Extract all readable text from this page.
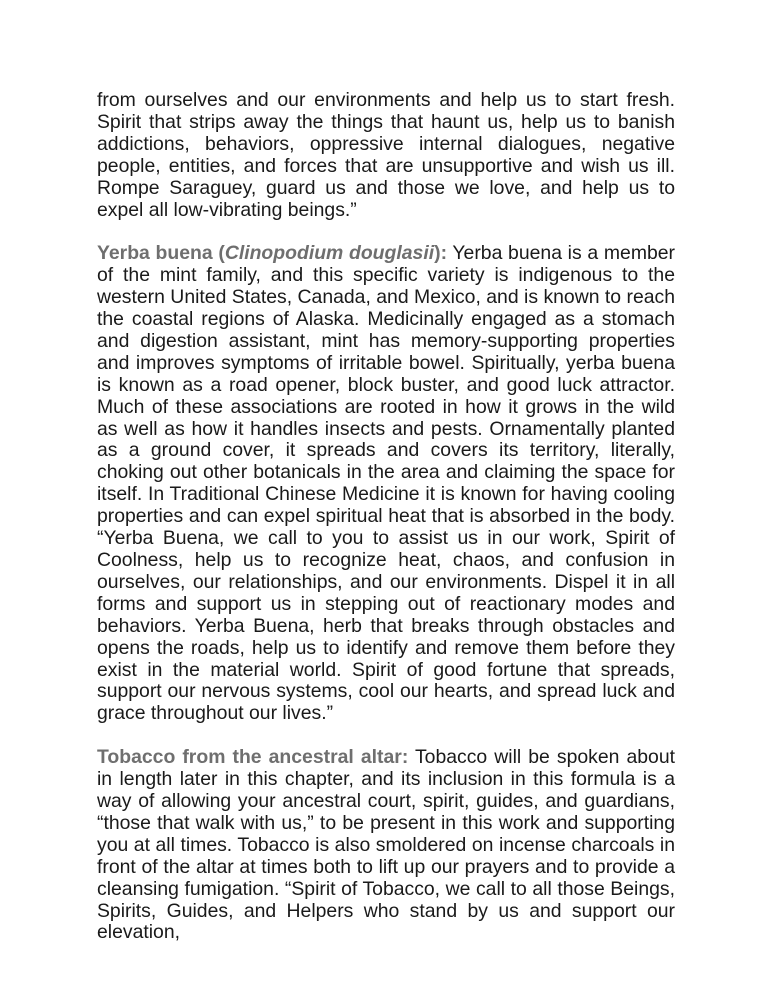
from ourselves and our environments and help us to start fresh. Spirit that strips away the things that haunt us, help us to banish addictions, behaviors, oppressive internal dialogues, negative people, entities, and forces that are unsupportive and wish us ill. Rompe Saraguey, guard us and those we love, and help us to expel all low-vibrating beings.”

Yerba buena (Clinopodium douglasii): Yerba buena is a member of the mint family, and this specific variety is indigenous to the western United States, Canada, and Mexico, and is known to reach the coastal regions of Alaska. Medicinally engaged as a stomach and digestion assistant, mint has memory-supporting properties and improves symptoms of irritable bowel. Spiritually, yerba buena is known as a road opener, block buster, and good luck attractor. Much of these associations are rooted in how it grows in the wild as well as how it handles insects and pests. Ornamentally planted as a ground cover, it spreads and covers its territory, literally, choking out other botanicals in the area and claiming the space for itself. In Traditional Chinese Medicine it is known for having cooling properties and can expel spiritual heat that is absorbed in the body. “Yerba Buena, we call to you to assist us in our work, Spirit of Coolness, help us to recognize heat, chaos, and confusion in ourselves, our relationships, and our environments. Dispel it in all forms and support us in stepping out of reactionary modes and behaviors. Yerba Buena, herb that breaks through obstacles and opens the roads, help us to identify and remove them before they exist in the material world. Spirit of good fortune that spreads, support our nervous systems, cool our hearts, and spread luck and grace throughout our lives.”

Tobacco from the ancestral altar: Tobacco will be spoken about in length later in this chapter, and its inclusion in this formula is a way of allowing your ancestral court, spirit, guides, and guardians, “those that walk with us,” to be present in this work and supporting you at all times. Tobacco is also smoldered on incense charcoals in front of the altar at times both to lift up our prayers and to provide a cleansing fumigation. “Spirit of Tobacco, we call to all those Beings, Spirits, Guides, and Helpers who stand by us and support our elevation,
